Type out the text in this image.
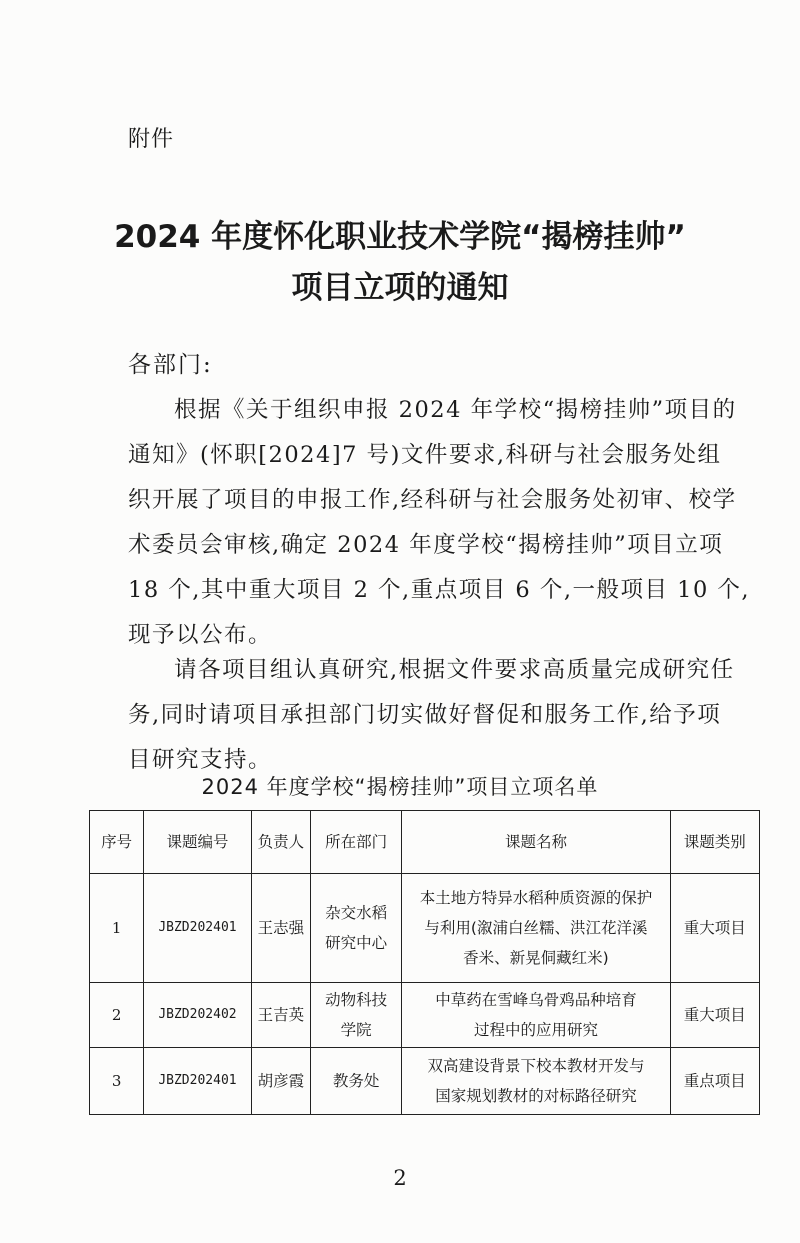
附件
2024 年度怀化职业技术学院“揭榜挂帅”
项目立项的通知
各部门:
根据《关于组织申报 2024 年学校“揭榜挂帅”项目的
通知》(怀职[2024]7 号)文件要求,科研与社会服务处组
织开展了项目的申报工作,经科研与社会服务处初审、校学
术委员会审核,确定 2024 年度学校“揭榜挂帅”项目立项
18 个,其中重大项目 2 个,重点项目 6 个,一般项目 10 个,
现予以公布。
请各项目组认真研究,根据文件要求高质量完成研究任
务,同时请项目承担部门切实做好督促和服务工作,给予项
目研究支持。
2024 年度学校“揭榜挂帅”项目立项名单
序号	课题编号	负责人	所在部门	课题名称	课题类别
1	JBZD202401	王志强	杂交水稻
研究中心	本土地方特异水稻种质资源的保护
与利用(溆浦白丝糯、洪江花洋溪
香米、新晃侗藏红米)	重大项目
2	JBZD202402	王吉英	动物科技
学院	中草药在雪峰乌骨鸡品种培育
过程中的应用研究	重大项目
3	JBZD202401	胡彦霞	教务处	双高建设背景下校本教材开发与
国家规划教材的对标路径研究	重点项目
2
